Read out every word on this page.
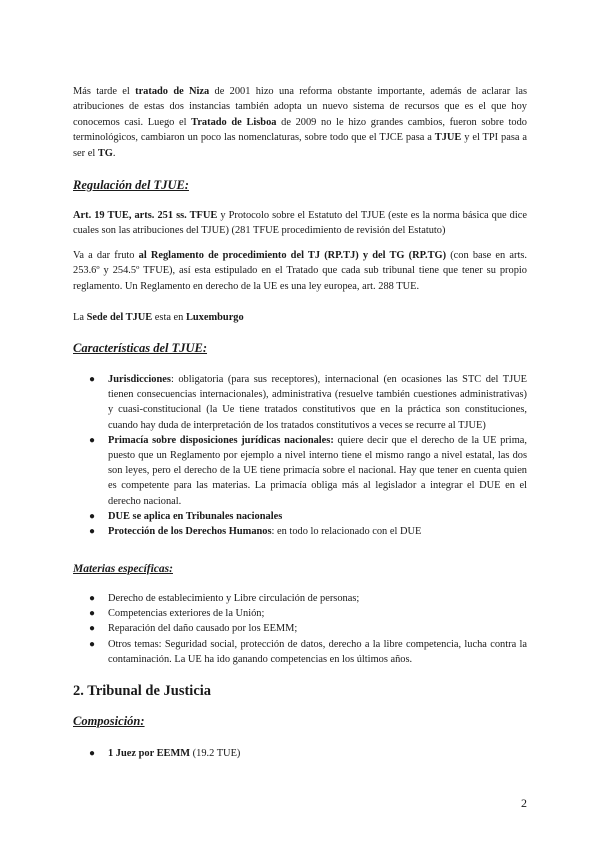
Más tarde el tratado de Niza de 2001 hizo una reforma obstante importante, además de aclarar las atribuciones de estas dos instancias también adopta un nuevo sistema de recursos que es el que hoy conocemos casi. Luego el Tratado de Lisboa de 2009 no le hizo grandes cambios, fueron sobre todo terminológicos, cambiaron un poco las nomenclaturas, sobre todo que el TJCE pasa a TJUE y el TPI pasa a ser el TG.

Regulación del TJUE:

Art. 19 TUE, arts. 251 ss. TFUE y Protocolo sobre el Estatuto del TJUE (este es la norma básica que dice cuales son las atribuciones del TJUE) (281 TFUE procedimiento de revisión del Estatuto)

Va a dar fruto al Reglamento de procedimiento del TJ (RP.TJ) y del TG (RP.TG) (con base en arts. 253.6º y 254.5º TFUE), así esta estipulado en el Tratado que cada sub tribunal tiene que tener su propio reglamento. Un Reglamento en derecho de la UE es una ley europea, art. 288 TUE.

La Sede del TJUE esta en Luxemburgo

Características del TJUE:
● Jurisdicciones: obligatoria (para sus receptores), internacional (en ocasiones las STC del TJUE tienen consecuencias internacionales), administrativa (resuelve también cuestiones administrativas) y cuasi-constitucional (la Ue tiene tratados constitutivos que en la práctica son constituciones, cuando hay duda de interpretación de los tratados constitutivos a veces se recurre al TJUE)
● Primacía sobre disposiciones jurídicas nacionales: quiere decir que el derecho de la UE prima, puesto que un Reglamento por ejemplo a nivel interno tiene el mismo rango a nivel estatal, las dos son leyes, pero el derecho de la UE tiene primacía sobre el nacional. Hay que tener en cuenta quien es competente para las materias. La primacía obliga más al legislador a integrar el DUE en el derecho nacional.
● DUE se aplica en Tribunales nacionales
● Protección de los Derechos Humanos: en todo lo relacionado con el DUE
Materias específicas:
● Derecho de establecimiento y Libre circulación de personas;
● Competencias exteriores de la Unión;
● Reparación del daño causado por los EEMM;
● Otros temas: Seguridad social, protección de datos, derecho a la libre competencia, lucha contra la contaminación. La UE ha ido ganando competencias en los últimos años.
2. Tribunal de Justicia
Composición:
● 1 Juez por EEMM (19.2 TUE)
2
